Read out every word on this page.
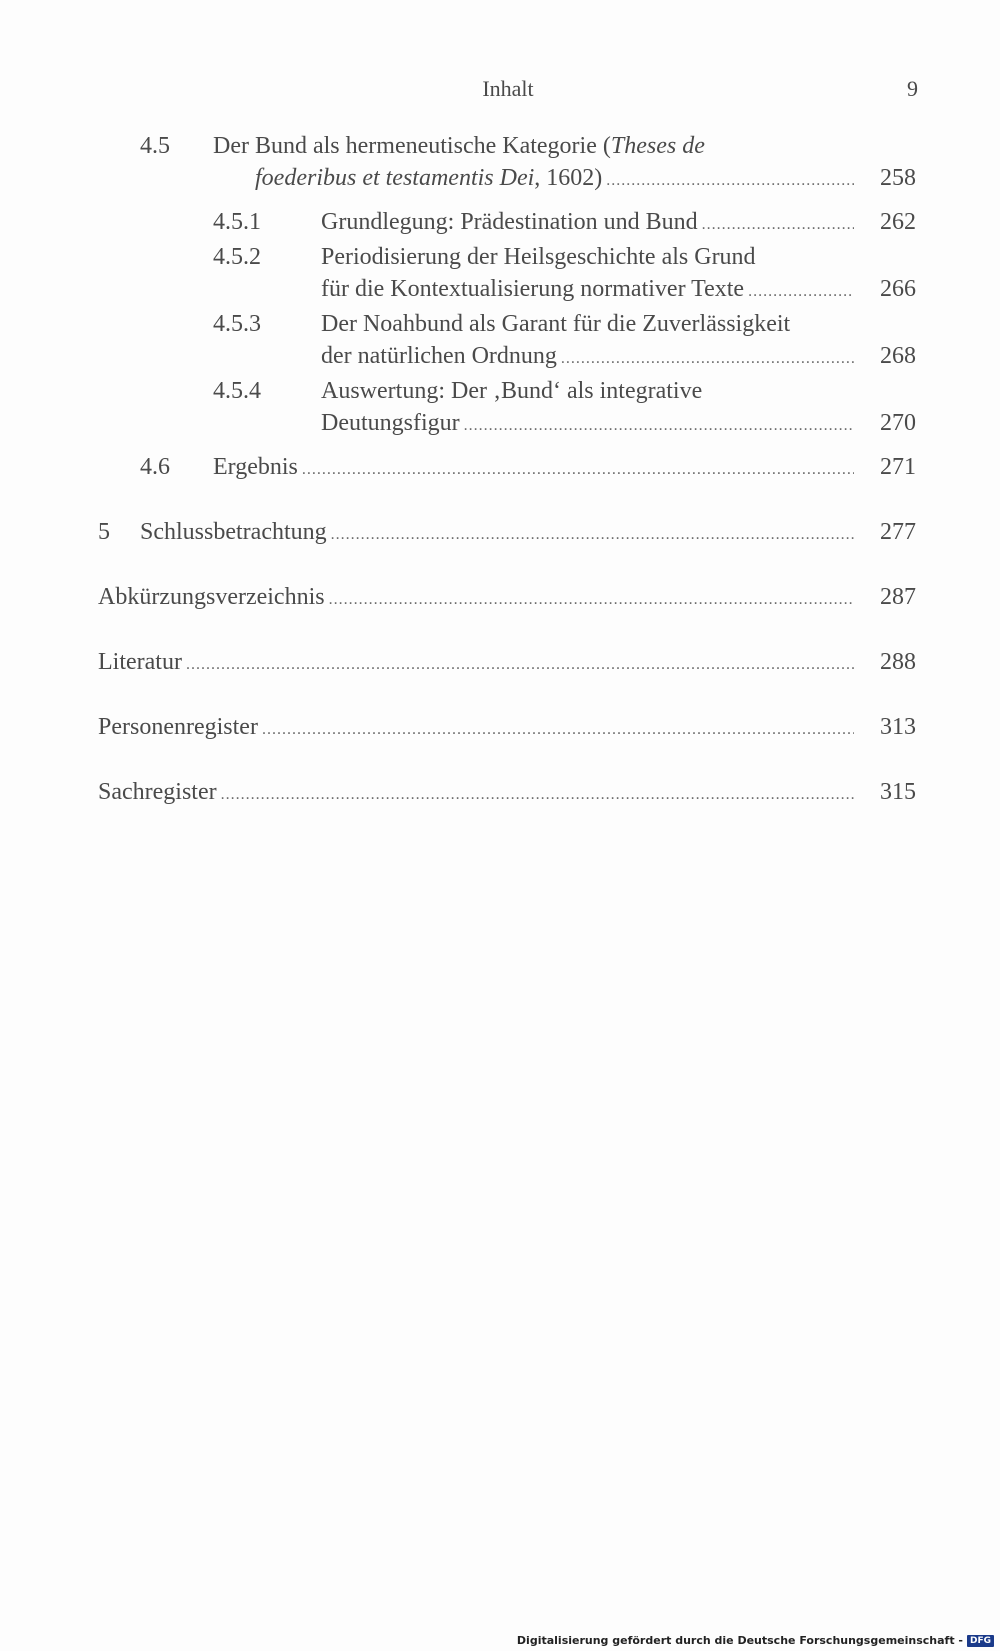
Inhalt	9
4.5	Der Bund als hermeneutische Kategorie (Theses de
foederibus et testamentis Dei, 1602) .....	258
4.5.1	Grundlegung: Prädestination und Bund .....	262
4.5.2	Periodisierung der Heilsgeschichte als Grund
für die Kontextualisierung normativer Texte .....	266
4.5.3	Der Noahbund als Garant für die Zuverlässigkeit
der natürlichen Ordnung .....	268
4.5.4	Auswertung: Der ‚Bund‘ als integrative
Deutungsfigur .....	270
4.6	Ergebnis .....	271
5	Schlussbetrachtung .....	277
Abkürzungsverzeichnis .....	287
Literatur .....	288
Personenregister .....	313
Sachregister .....	315
Digitalisierung gefördert durch die Deutsche Forschungsgemeinschaft - DFG
